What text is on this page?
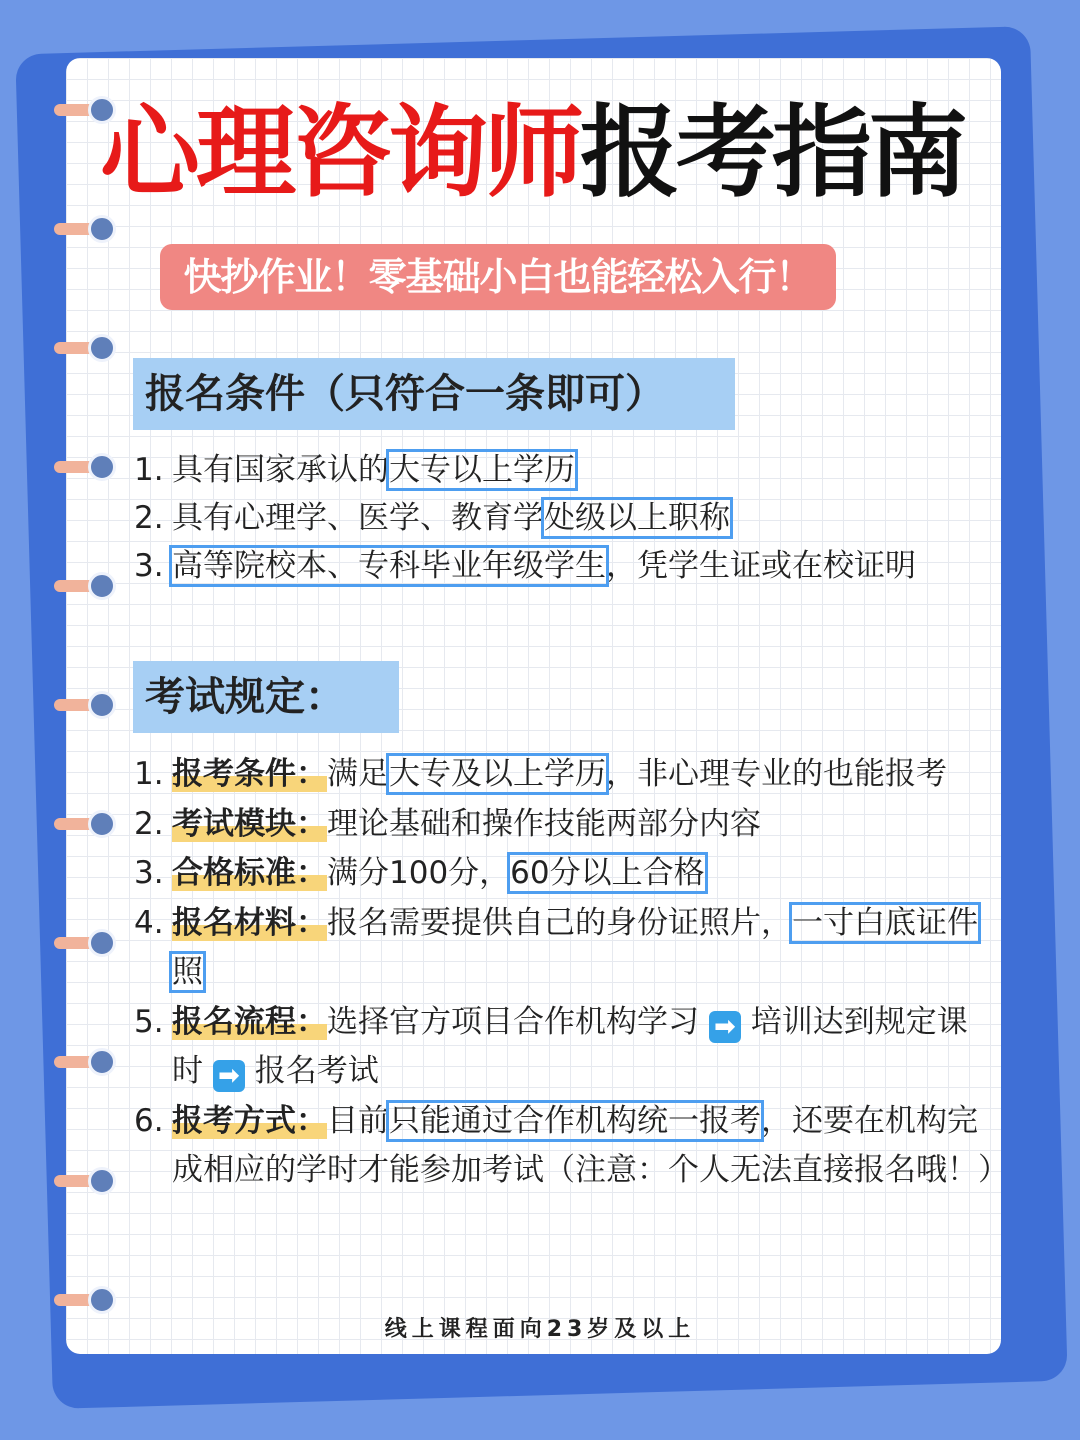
心理咨询师报考指南
快抄作业！零基础小白也能轻松入行！
报名条件（只符合一条即可）
1. 具有国家承认的大专以上学历
2. 具有心理学、医学、教育学处级以上职称
3. 高等院校本、专科毕业年级学生，凭学生证或在校证明
考试规定：
1. 报考条件：满足大专及以上学历，非心理专业的也能报考
2. 考试模块：理论基础和操作技能两部分内容
3. 合格标准：满分100分，60分以上合格
4. 报名材料：报名需要提供自己的身份证照片，一寸白底证件照
5. 报名流程：选择官方项目合作机构学习 ➡ 培训达到规定课时 ➡ 报名考试
6. 报考方式：目前只能通过合作机构统一报考，还要在机构完成相应的学时才能参加考试（注意：个人无法直接报名哦！）
线上课程面向23岁及以上
